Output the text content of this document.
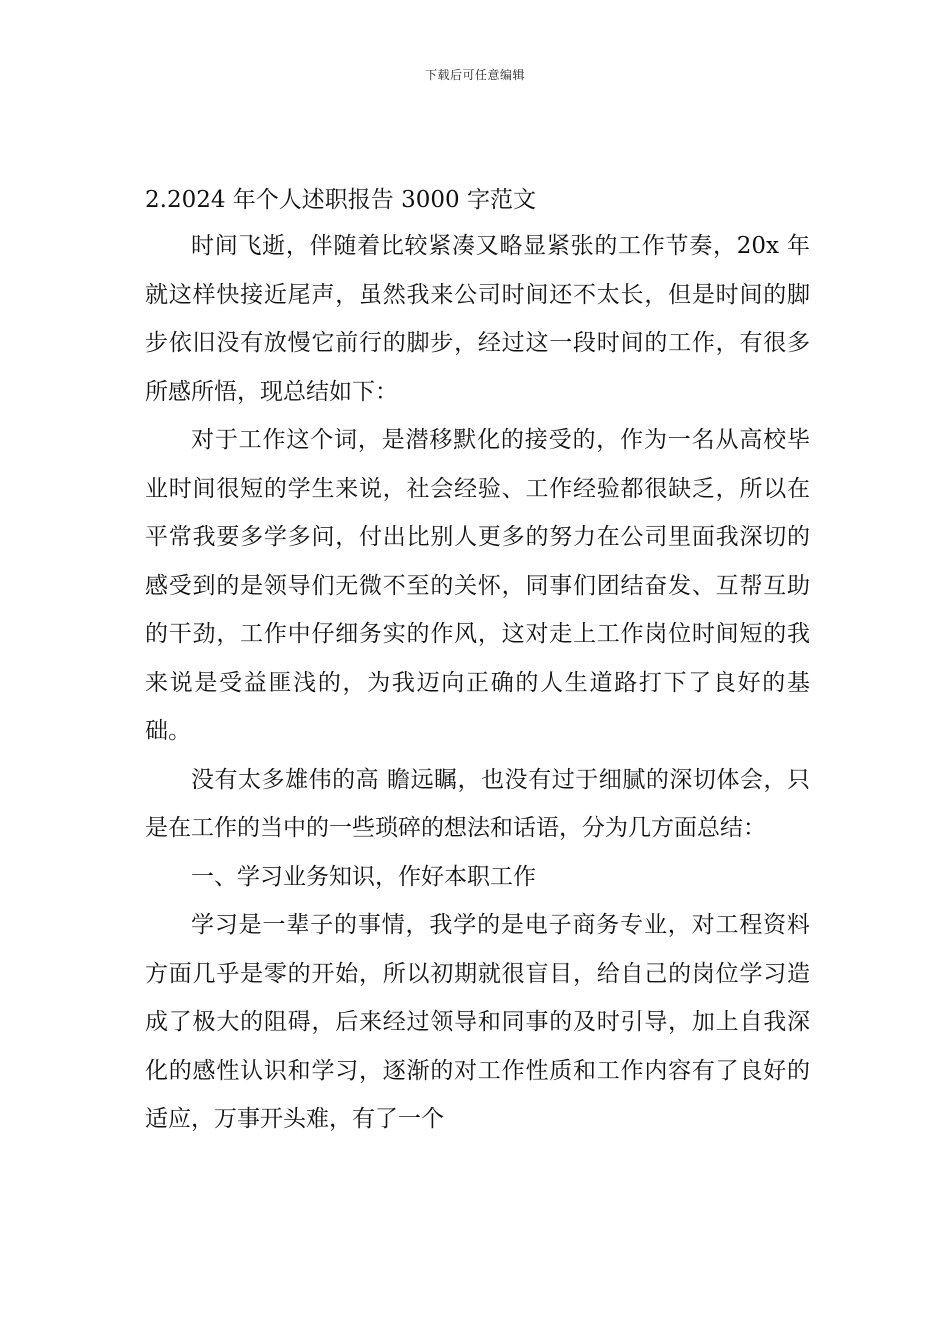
下载后可任意编辑
2.2024 年个人述职报告 3000 字范文

时间飞逝，伴随着比较紧凑又略显紧张的工作节奏，20x 年就这样快接近尾声，虽然我来公司时间还不太长，但是时间的脚步依旧没有放慢它前行的脚步，经过这一段时间的工作，有很多所感所悟，现总结如下：

对于工作这个词，是潜移默化的接受的，作为一名从高校毕业时间很短的学生来说，社会经验、工作经验都很缺乏，所以在平常我要多学多问，付出比别人更多的努力在公司里面我深切的感受到的是领导们无微不至的关怀，同事们团结奋发、互帮互助的干劲，工作中仔细务实的作风，这对走上工作岗位时间短的我来说是受益匪浅的，为我迈向正确的人生道路打下了良好的基础。

没有太多雄伟的高 瞻远瞩，也没有过于细腻的深切体会，只是在工作的当中的一些琐碎的想法和话语，分为几方面总结：

一、学习业务知识，作好本职工作

学习是一辈子的事情，我学的是电子商务专业，对工程资料方面几乎是零的开始，所以初期就很盲目，给自己的岗位学习造成了极大的阻碍，后来经过领导和同事的及时引导，加上自我深化的感性认识和学习，逐渐的对工作性质和工作内容有了良好的适应，万事开头难，有了一个
